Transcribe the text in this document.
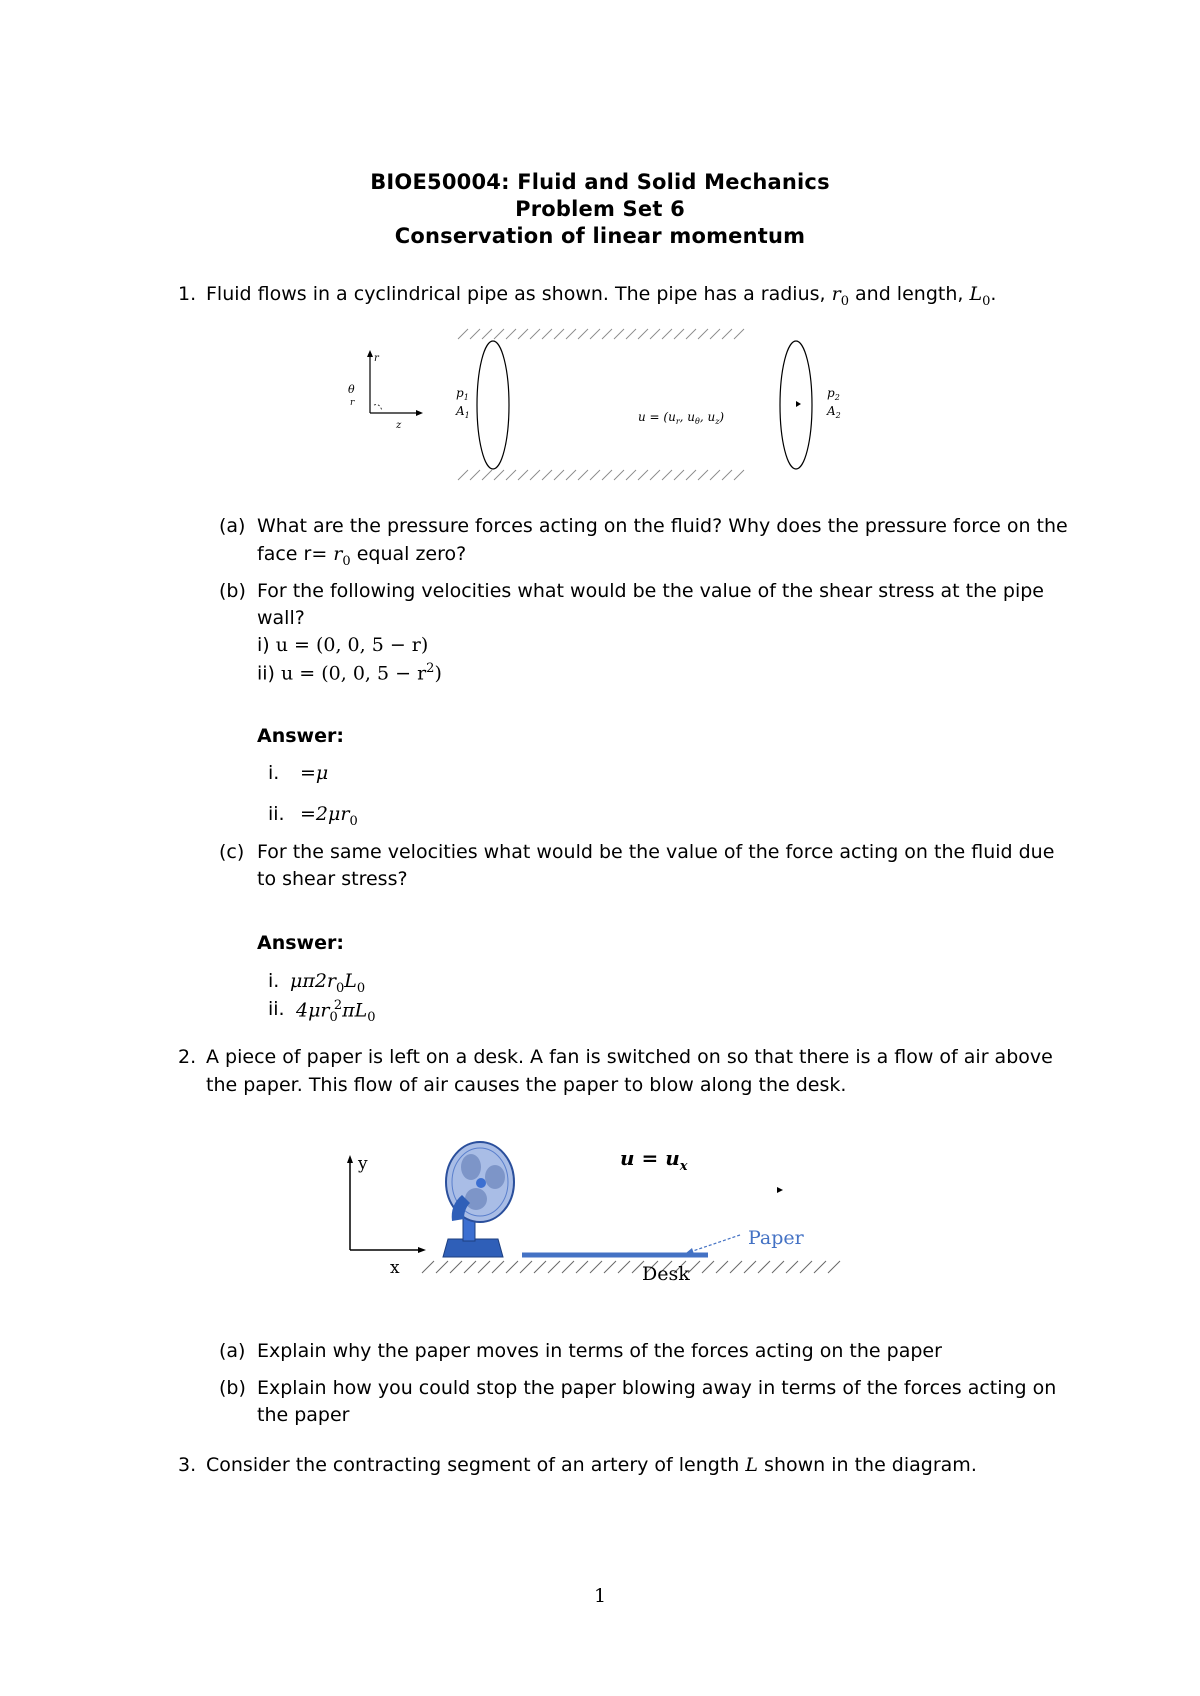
BIOE50004: Fluid and Solid Mechanics
Problem Set 6
Conservation of linear momentum
1. Fluid flows in a cyclindrical pipe as shown. The pipe has a radius, $r_0$ and length, $L_0$.
r
θ
r
z
$p_1$
$A_1$
$p_2$
$A_2$
$u = (u_r$, $u_\theta$, $u_z$)
(a) What are the pressure forces acting on the fluid? Why does the pressure force on the
face $r= r_0$ equal zero?
(b) For the following velocities what would be the value of the shear stress at the pipe
wall?
i) u = (0, 0, 5 − r)
ii) u = (0, 0, $5 - r^2$)
Answer:
i. =μ
ii. $=2\mu r_0$
(c) For the same velocities what would be the value of the force acting on the fluid due
to shear stress?
Answer:
i. $\mu\pi 2r_0L_0$
ii. $4\mu r_0^2\pi L_0$
2. A piece of paper is left on a desk. A fan is switched on so that there is a flow of air above
the paper. This flow of air causes the paper to blow along the desk.
y
x
$u = u_x$
Paper
Desk
(a) Explain why the paper moves in terms of the forces acting on the paper
(b) Explain how you could stop the paper blowing away in terms of the forces acting on
the paper
3. Consider the contracting segment of an artery of length L shown in the diagram.
1
